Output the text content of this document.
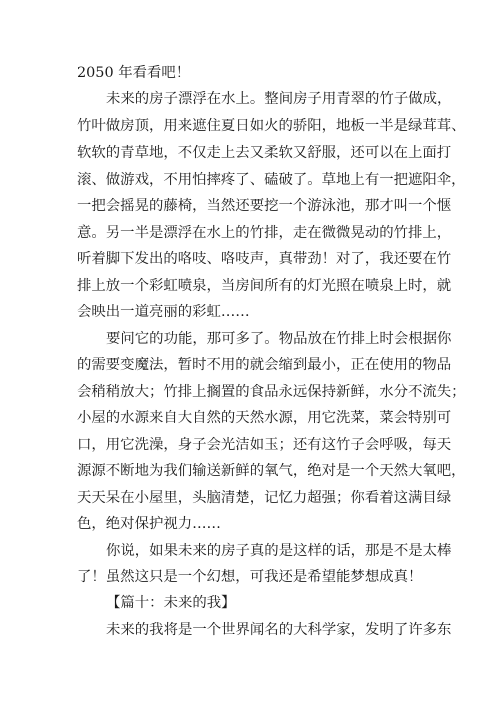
2050 年看看吧！
未来的房子漂浮在水上。整间房子用青翠的竹子做成，
竹叶做房顶，用来遮住夏日如火的骄阳，地板一半是绿茸茸、
软软的青草地，不仅走上去又柔软又舒服，还可以在上面打
滚、做游戏，不用怕摔疼了、磕破了。草地上有一把遮阳伞，
一把会摇晃的藤椅，当然还要挖一个游泳池，那才叫一个惬
意。另一半是漂浮在水上的竹排，走在微微晃动的竹排上，
听着脚下发出的咯吱、咯吱声，真带劲！对了，我还要在竹
排上放一个彩虹喷泉，当房间所有的灯光照在喷泉上时，就
会映出一道亮丽的彩虹……
要问它的功能，那可多了。物品放在竹排上时会根据你
的需要变魔法，暂时不用的就会缩到最小，正在使用的物品
会稍稍放大；竹排上搁置的食品永远保持新鲜，水分不流失；
小屋的水源来自大自然的天然水源，用它洗菜，菜会特别可
口，用它洗澡，身子会光洁如玉；还有这竹子会呼吸，每天
源源不断地为我们输送新鲜的氧气，绝对是一个天然大氧吧，
天天呆在小屋里，头脑清楚，记忆力超强；你看着这满目绿
色，绝对保护视力……
你说，如果未来的房子真的是这样的话，那是不是太棒
了！虽然这只是一个幻想，可我还是希望能梦想成真！
【篇十：未来的我】
未来的我将是一个世界闻名的大科学家，发明了许多东
